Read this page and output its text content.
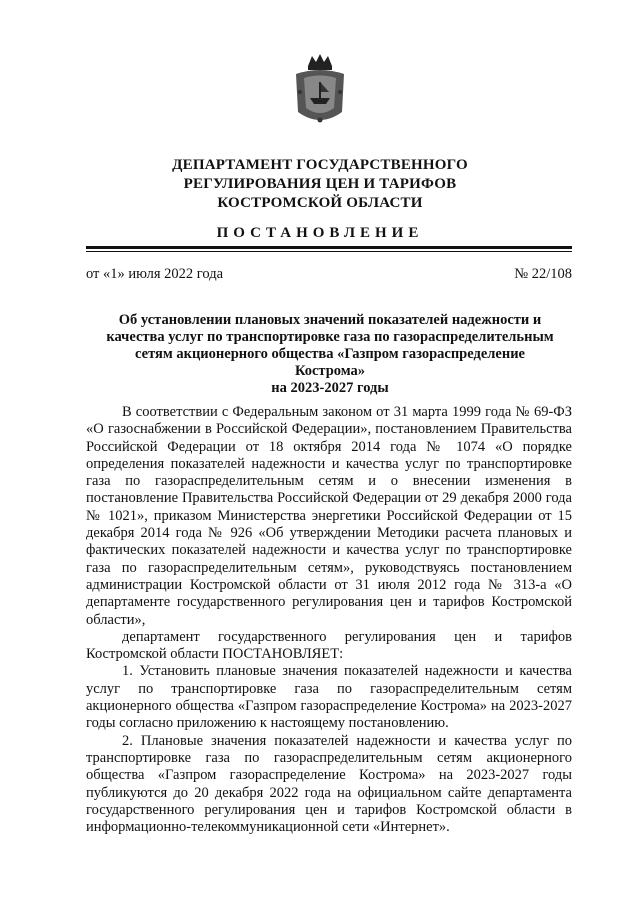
ДЕПАРТАМЕНТ ГОСУДАРСТВЕННОГО
РЕГУЛИРОВАНИЯ ЦЕН И ТАРИФОВ
КОСТРОМСКОЙ ОБЛАСТИ
ПОСТАНОВЛЕНИЕ
от «1» июля 2022 года	№ 22/108
Об установлении плановых значений показателей надежности и
качества услуг по транспортировке газа по газораспределительным
сетям акционерного общества «Газпром газораспределение Кострома»
на 2023-2027 годы

В соответствии с Федеральным законом от 31 марта 1999 года № 69-ФЗ «О газоснабжении в Российской Федерации», постановлением Правительства Российской Федерации от 18 октября 2014 года № 1074 «О порядке определения показателей надежности и качества услуг по транспортировке газа по газораспределительным сетям и о внесении изменения в постановление Правительства Российской Федерации от 29 декабря 2000 года № 1021», приказом Министерства энергетики Российской Федерации от 15 декабря 2014 года № 926 «Об утверждении Методики расчета плановых и фактических показателей надежности и качества услуг по транспортировке газа по газораспределительным сетям», руководствуясь постановлением администрации Костромской области от 31 июля 2012 года № 313-а «О департаменте государственного регулирования цен и тарифов Костромской области»,

департамент государственного регулирования цен и тарифов Костромской области ПОСТАНОВЛЯЕТ:

1. Установить плановые значения показателей надежности и качества услуг по транспортировке газа по газораспределительным сетям акционерного общества «Газпром газораспределение Кострома» на 2023-2027 годы согласно приложению к настоящему постановлению.

2. Плановые значения показателей надежности и качества услуг по транспортировке газа по газораспределительным сетям акционерного общества «Газпром газораспределение Кострома» на 2023-2027 годы публикуются до 20 декабря 2022 года на официальном сайте департамента государственного регулирования цен и тарифов Костромской области в информационно-телекоммуникационной сети «Интернет».
